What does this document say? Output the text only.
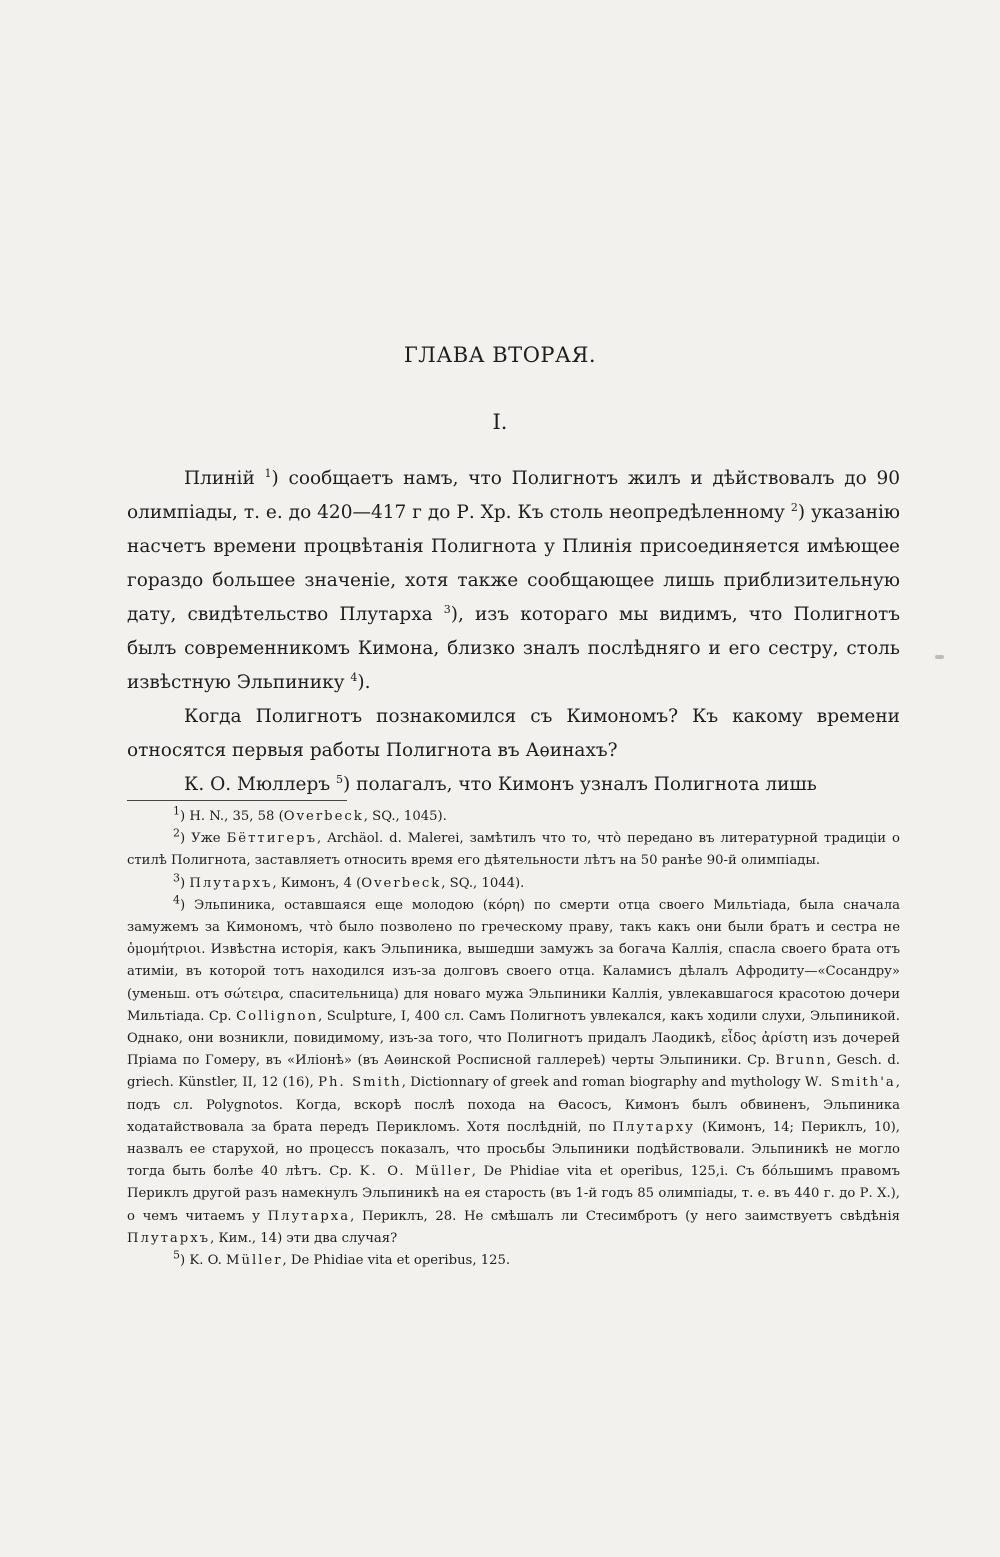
ГЛАВА ВТОРАЯ.
I.

Плиній $^1$) сообщаетъ намъ, что Полигнотъ жилъ и дѣйствовалъ до 90 олимпіады, т. е. до 420—417 г до Р. Хр. Къ столь неопредѣленному $^2$) указанію насчетъ времени процвѣтанія Полигнота у Плинія присоединяется имѣющее гораздо большее значеніе, хотя также сообщающее лишь приблизительную дату, свидѣтельство Плутарха $^3$), изъ котораго мы видимъ, что Полигнотъ былъ современникомъ Кимона, близко зналъ послѣдняго и его сестру, столь извѣстную Эльпинику $^4$).

Когда Полигнотъ познакомился съ Кимономъ? Къ какому времени относятся первыя работы Полигнота въ Аѳинахъ?

К. О. Мюллеръ $^5$) полагалъ, что Кимонъ узналъ Полигнота лишь

$^1$) H. N., 35, 58 (Overbeck, SQ., 1045).

$^2$) Уже Бёттигеръ, Archäol. d. Malerei, замѣтилъ что то, что̀ передано въ литературной традиціи о стилѣ Полигнота, заставляетъ относить время его дѣятельности лѣтъ на 50 ранѣе 90-й олимпіады.

$^3$) Плутархъ, Кимонъ, 4 (Overbeck, SQ., 1044).

$^4$) Эльпиника, оставшаяся еще молодою (κόρη) по смерти отца своего Мильтіада, была сначала замужемъ за Кимономъ, что̀ было позволено по греческому праву, такъ какъ они были братъ и сестра не ὁμομήτριοι. Извѣстна исторія, какъ Эльпиника, вышедши замужъ за богача Каллія, спасла своего брата отъ атиміи, въ которой тотъ находился изъ-за долговъ своего отца. Каламисъ дѣлалъ Афродиту—«Сосандру» (уменьш. отъ σώτειρα, спасительница) для новаго мужа Эльпиники Каллія, увлекавшагося красотою дочери Мильтіада. Ср. Collignon, Sculpture, I, 400 сл. Самъ Полигнотъ увлекался, какъ ходили слухи, Эльпиникой. Однако, они возникли, повидимому, изъ-за того, что Полигнотъ придалъ Лаодикѣ, εἶδος ἀρίστη изъ дочерей Пріама по Гомеру, въ «Иліонѣ» (въ Аѳинской Росписной галлереѣ) черты Эльпиники. Ср. Brunn, Gesch. d. griech. Künstler, II, 12 (16), Ph. Smith, Dictionnary of greek and roman biography and mythology W. Smith'a, подъ сл. Polygnotos. Когда, вскорѣ послѣ похода на Ѳасосъ, Кимонъ былъ обвиненъ, Эльпиника ходатайствовала за брата передъ Перикломъ. Хотя послѣдній, по Плутарху (Кимонъ, 14; Периклъ, 10), назвалъ ее старухой, но процессъ показалъ, что просьбы Эльпиники подѣйствовали. Эльпиникѣ не могло тогда быть болѣе 40 лѣтъ. Ср. K. O. Müller, De Phidiae vita et operibus, 125,i. Съ бо́льшимъ правомъ Периклъ другой разъ намекнулъ Эльпиникѣ на ея старость (въ 1-й годъ 85 олимпіады, т. е. въ 440 г. до Р. Х.), о чемъ читаемъ у Плутарха, Периклъ, 28. Не смѣшалъ ли Стесимбротъ (у него заимствуетъ свѣдѣнія Плутархъ, Ким., 14) эти два случая?

$^5$) K. O. Müller, De Phidiae vita et operibus, 125.
